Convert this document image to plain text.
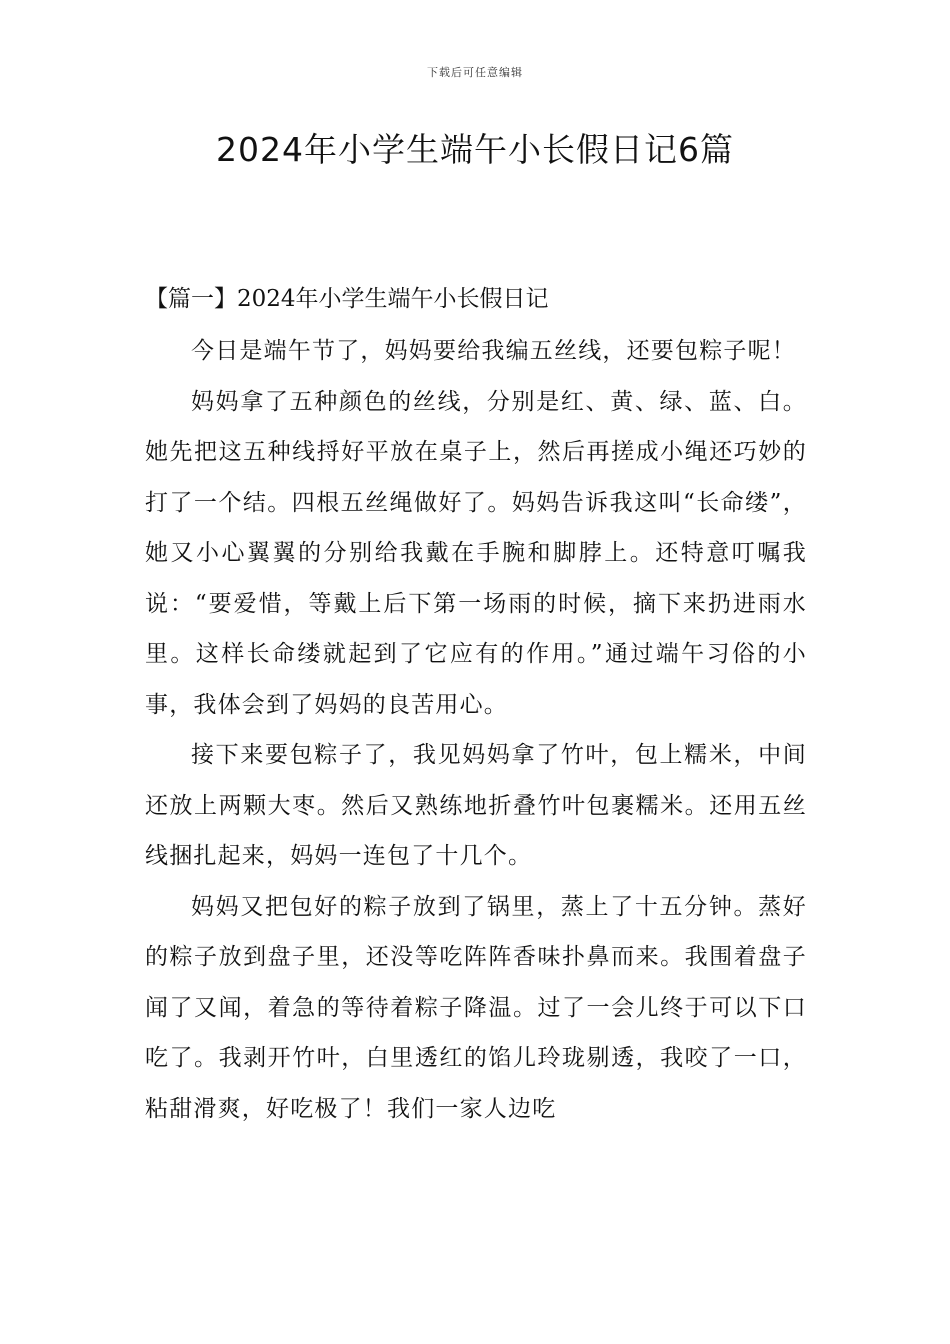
下载后可任意编辑
2024年小学生端午小长假日记6篇
【篇一】2024年小学生端午小长假日记

今日是端午节了，妈妈要给我编五丝线，还要包粽子呢！

妈妈拿了五种颜色的丝线，分别是红、黄、绿、蓝、白。她先把这五种线捋好平放在桌子上，然后再搓成小绳还巧妙的打了一个结。四根五丝绳做好了。妈妈告诉我这叫“长命缕”，她又小心翼翼的分别给我戴在手腕和脚脖上。还特意叮嘱我说：“要爱惜，等戴上后下第一场雨的时候，摘下来扔进雨水里。这样长命缕就起到了它应有的作用。”通过端午习俗的小事，我体会到了妈妈的良苦用心。

接下来要包粽子了，我见妈妈拿了竹叶，包上糯米，中间还放上两颗大枣。然后又熟练地折叠竹叶包裹糯米。还用五丝线捆扎起来，妈妈一连包了十几个。

妈妈又把包好的粽子放到了锅里，蒸上了十五分钟。蒸好的粽子放到盘子里，还没等吃阵阵香味扑鼻而来。我围着盘子闻了又闻，着急的等待着粽子降温。过了一会儿终于可以下口吃了。我剥开竹叶，白里透红的馅儿玲珑剔透，我咬了一口，粘甜滑爽，好吃极了！我们一家人边吃
